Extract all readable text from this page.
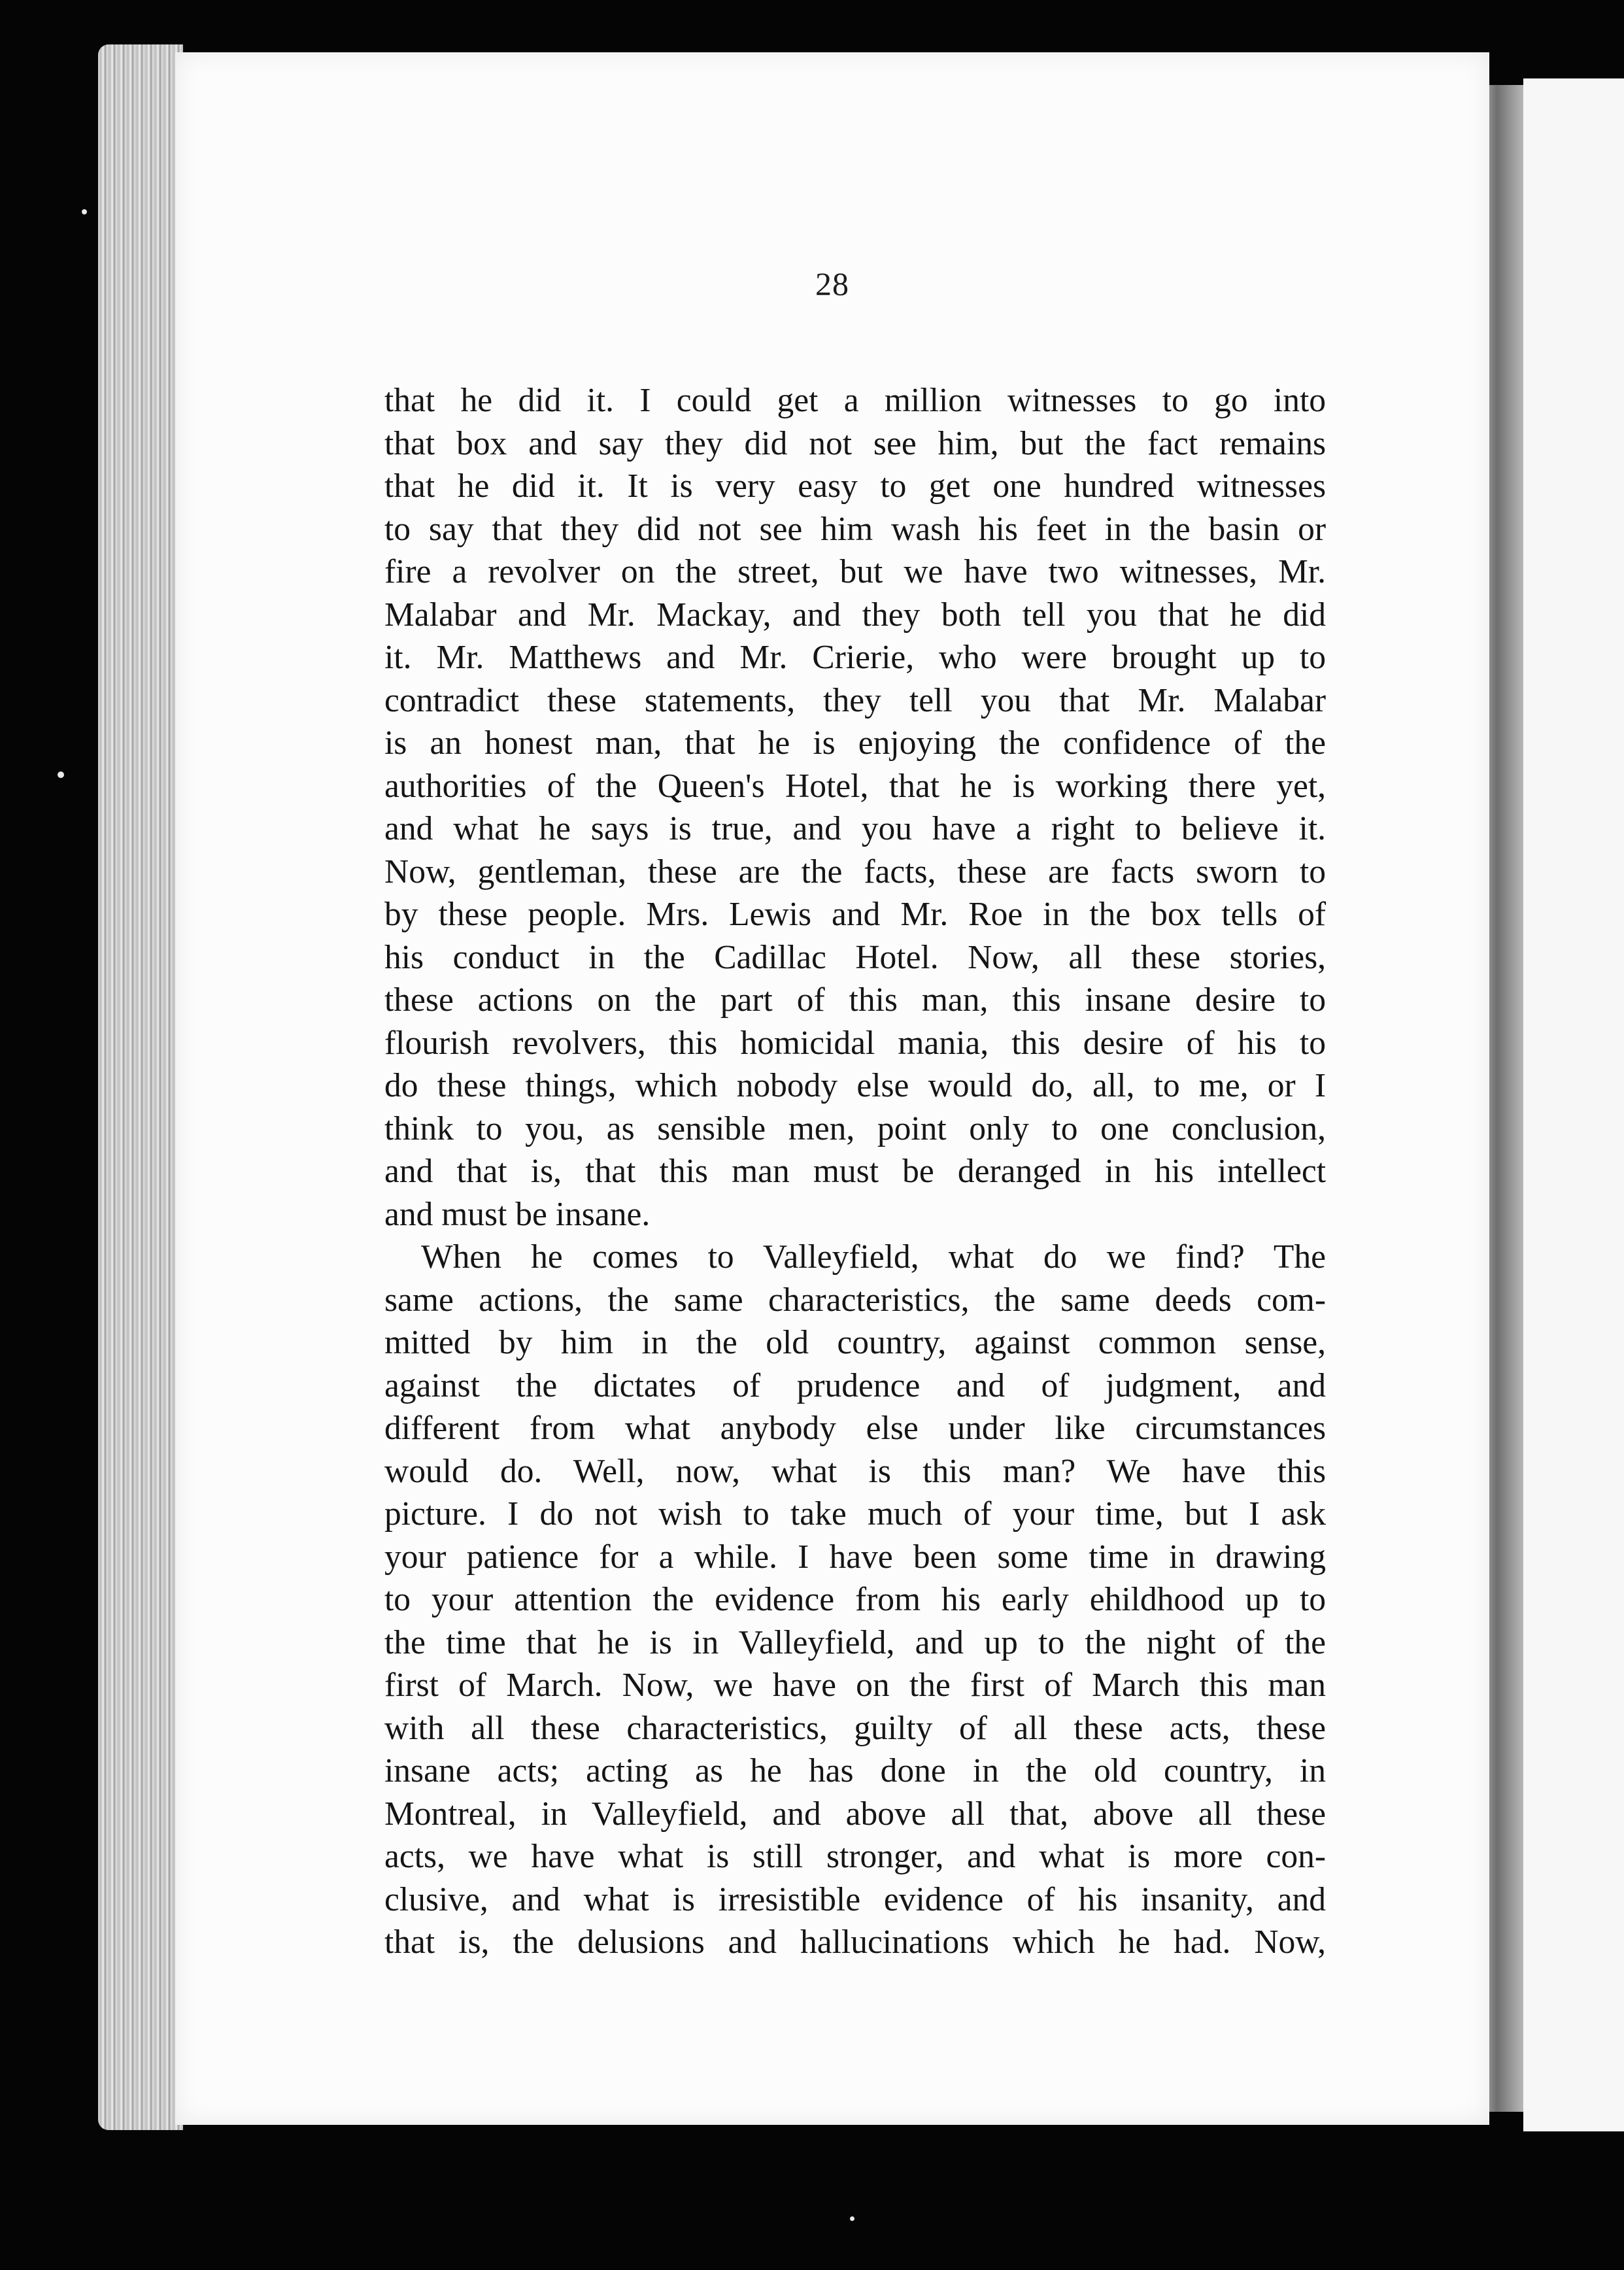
28

that he did it. I could get a million witnesses to go into
that box and say they did not see him, but the fact remains
that he did it. It is very easy to get one hundred witnesses
to say that they did not see him wash his feet in the basin or
fire a revolver on the street, but we have two witnesses, Mr.
Malabar and Mr. Mackay, and they both tell you that he did
it. Mr. Matthews and Mr. Crierie, who were brought up to
contradict these statements, they tell you that Mr. Malabar
is an honest man, that he is enjoying the confidence of the
authorities of the Queen's Hotel, that he is working there yet,
and what he says is true, and you have a right to believe it.
Now, gentleman, these are the facts, these are facts sworn to
by these people. Mrs. Lewis and Mr. Roe in the box tells of
his conduct in the Cadillac Hotel. Now, all these stories,
these actions on the part of this man, this insane desire to
flourish revolvers, this homicidal mania, this desire of his to
do these things, which nobody else would do, all, to me, or I
think to you, as sensible men, point only to one conclusion,
and that is, that this man must be deranged in his intellect
and must be insane.

When he comes to Valleyfield, what do we find? The
same actions, the same characteristics, the same deeds com-
mitted by him in the old country, against common sense,
against the dictates of prudence and of judgment, and
different from what anybody else under like circumstances
would do. Well, now, what is this man? We have this
picture. I do not wish to take much of your time, but I ask
your patience for a while. I have been some time in drawing
to your attention the evidence from his early ehildhood up to
the time that he is in Valleyfield, and up to the night of the
first of March. Now, we have on the first of March this man
with all these characteristics, guilty of all these acts, these
insane acts; acting as he has done in the old country, in
Montreal, in Valleyfield, and above all that, above all these
acts, we have what is still stronger, and what is more con-
clusive, and what is irresistible evidence of his insanity, and
that is, the delusions and hallucinations which he had. Now,
